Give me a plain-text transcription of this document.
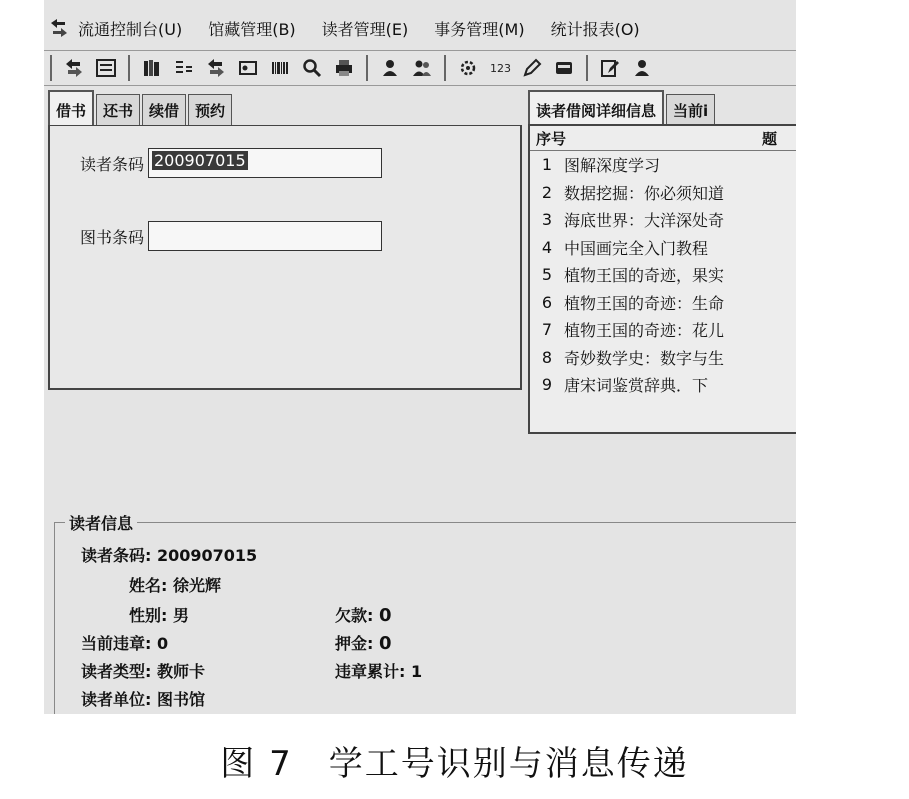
流通控制台(U) 馆藏管理(B) 读者管理(E) 事务管理(M) 统计报表(O)
123
借书	还书	续借	预约
读者条码 200907015
图书条码
读者借阅详细信息	当前i
序号	题
1 图解深度学习
2 数据挖掘：你必须知道
3 海底世界：大洋深处奇
4 中国画完全入门教程
5 植物王国的奇迹，果实
6 植物王国的奇迹：生命
7 植物王国的奇迹：花儿
8 奇妙数学史：数字与生
9 唐宋词鉴赏辞典．下
读者信息
读者条码: 200907015
姓名: 徐光辉
性别: 男	欠款: 0
当前违章: 0	押金: 0
读者类型: 教师卡	违章累计: 1
读者单位: 图书馆
图 7　学工号识别与消息传递
